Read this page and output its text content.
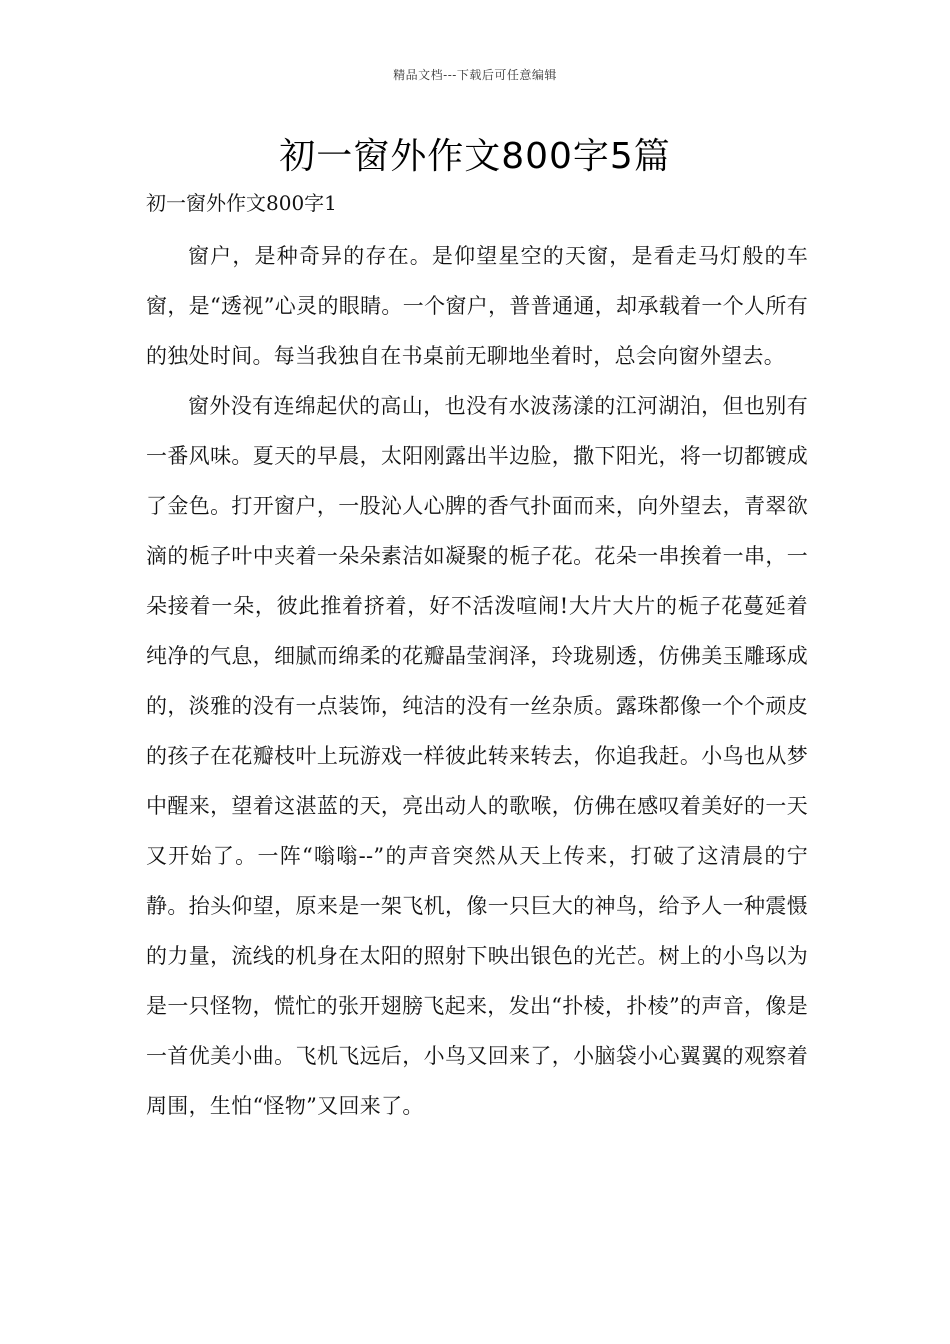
精品文档---下载后可任意编辑
初一窗外作文800字5篇
初一窗外作文800字1

窗户，是种奇异的存在。是仰望星空的天窗，是看走马灯般的车窗，是“透视”心灵的眼睛。一个窗户，普普通通，却承载着一个人所有的独处时间。每当我独自在书桌前无聊地坐着时，总会向窗外望去。

窗外没有连绵起伏的高山，也没有水波荡漾的江河湖泊，但也别有一番风味。夏天的早晨，太阳刚露出半边脸，撒下阳光，将一切都镀成了金色。打开窗户，一股沁人心脾的香气扑面而来，向外望去，青翠欲滴的栀子叶中夹着一朵朵素洁如凝聚的栀子花。花朵一串挨着一串，一朵接着一朵，彼此推着挤着，好不活泼喧闹!大片大片的栀子花蔓延着纯净的气息，细腻而绵柔的花瓣晶莹润泽，玲珑剔透，仿佛美玉雕琢成的，淡雅的没有一点装饰，纯洁的没有一丝杂质。露珠都像一个个顽皮的孩子在花瓣枝叶上玩游戏一样彼此转来转去，你追我赶。小鸟也从梦中醒来，望着这湛蓝的天，亮出动人的歌喉，仿佛在感叹着美好的一天又开始了。一阵“嗡嗡--”的声音突然从天上传来，打破了这清晨的宁静。抬头仰望，原来是一架飞机，像一只巨大的神鸟，给予人一种震慑的力量，流线的机身在太阳的照射下映出银色的光芒。树上的小鸟以为是一只怪物，慌忙的张开翅膀飞起来，发出“扑棱，扑棱”的声音，像是一首优美小曲。飞机飞远后，小鸟又回来了，小脑袋小心翼翼的观察着周围，生怕“怪物”又回来了。
